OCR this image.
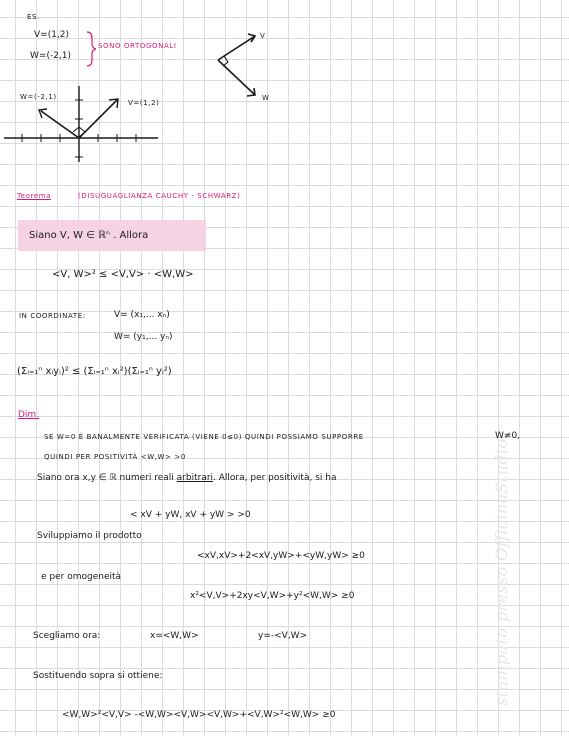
ES.
V=(1,2)
W=(-2,1)
SONO ORTOGONALI
V
W
W=(-2,1)
V=(1,2)
Teorema	(DISUGUAGLIANZA CAUCHY - SCHWARZ)
Siano V, W ∈ ℝⁿ . Allora
<V, W>² ≤ <V,V> · <W,W>
IN COORDINATE:	V= (x₁,... xₙ)
W= (y₁,... yₙ)
(Σᵢ₌₁ⁿ xᵢyᵢ)² ≤ (Σᵢ₌₁ⁿ xᵢ²)(Σᵢ₌₁ⁿ yᵢ²)
Dim.
SE W=0 È BANALMENTE VERIFICATA (VIENE 0≤0) QUINDI POSSIAMO SUPPORRE	W≠0,
QUINDI PER POSITIVITÀ <W,W> >0
Siano ora x,y ∈ ℝ numeri reali arbitrari. Allora, per positività, si ha
< xV + yW, xV + yW > >0
Sviluppiamo il prodotto
<xV,xV>+2<xV,yW>+<yW,yW> ≥0
e per omogeneità
x²<V,V>+2xy<V,W>+y²<W,W> ≥0
Scegliamo ora:	x=<W,W>	y=-<V,W>
Sostituendo sopra si ottiene:
<W,W>²<V,V> -<W,W><V,W><V,W>+<V,W>²<W,W> ≥0
stampato presso OfficinaStudio
